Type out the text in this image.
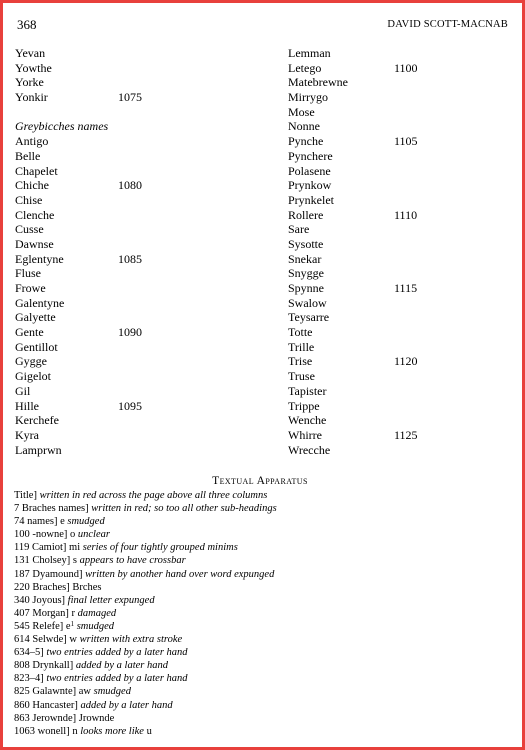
368	DAVID SCOTT-MACNAB
Yevan
Yowthe
Yorke
Yonkir	1075
Greybicches names
Antigo
Belle
Chapelet
Chiche	1080
Chise
Clenche
Cusse
Dawnse
Eglentyne	1085
Fluse
Frowe
Galentyne
Galyette
Gente	1090
Gentillot
Gygge
Gigelot
Gil
Hille	1095
Kerchefe
Kyra
Lamprwn
Lemman
Letego	1100
Matebrewne
Mirrygo
Mose
Nonne
Pynche	1105
Pynchere
Polasene
Prynkow
Prynkelet
Rollere	1110
Sare
Sysotte
Snekar
Snygge
Spynne	1115
Swalow
Teysarre
Totte
Trille
Trise	1120
Truse
Tapister
Trippe
Wenche
Whirre	1125
Wrecche
Textual Apparatus
Title] written in red across the page above all three columns
7 Braches names] written in red; so too all other sub-headings
74 names] e smudged
100 -nowne] o unclear
119 Camiot] mi series of four tightly grouped minims
131 Cholsey] s appears to have crossbar
187 Dyamound] written by another hand over word expunged
220 Braches] Brches
340 Joyous] final letter expunged
407 Morgan] r damaged
545 Relefe] $e^1$ smudged
614 Selwde] w written with extra stroke
634–5] two entries added by a later hand
808 Drynkall] added by a later hand
823–4] two entries added by a later hand
825 Galawnte] aw smudged
860 Hancaster] added by a later hand
863 Jerownde] Jrownde
1063 wonell] n looks more like u
